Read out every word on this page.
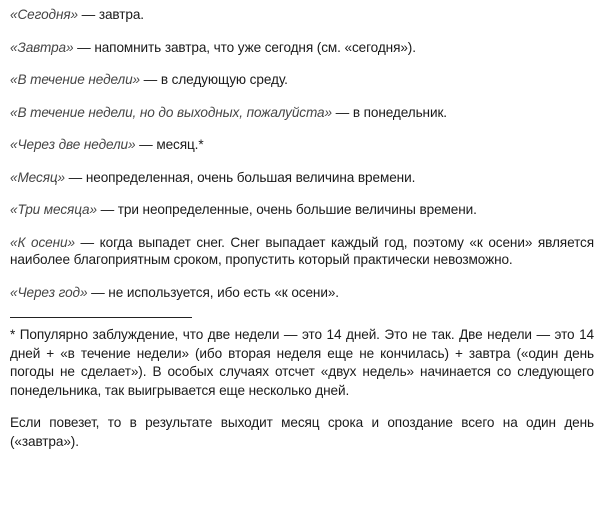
«Сегодня» — завтра.

«Завтра» — напомнить завтра, что уже сегодня (см. «сегодня»).

«В течение недели» — в следующую среду.

«В течение недели, но до выходных, пожалуйста» — в понедельник.

«Через две недели» — месяц.*

«Месяц» — неопределенная, очень большая величина времени.

«Три месяца» — три неопределенные, очень большие величины времени.

«К осени» — когда выпадет снег. Снег выпадает каждый год, поэтому «к осени» является наиболее благоприятным сроком, пропустить который практически невозможно.

«Через год» — не используется, ибо есть «к осени».

* Популярно заблуждение, что две недели — это 14 дней. Это не так. Две недели — это 14 дней + «в течение недели» (ибо вторая неделя еще не кончилась) + завтра («один день погоды не сделает»). В особых случаях отсчет «двух недель» начинается со следующего понедельника, так выигрывается еще несколько дней.

Если повезет, то в результате выходит месяц срока и опоздание всего на один день («завтра»).
